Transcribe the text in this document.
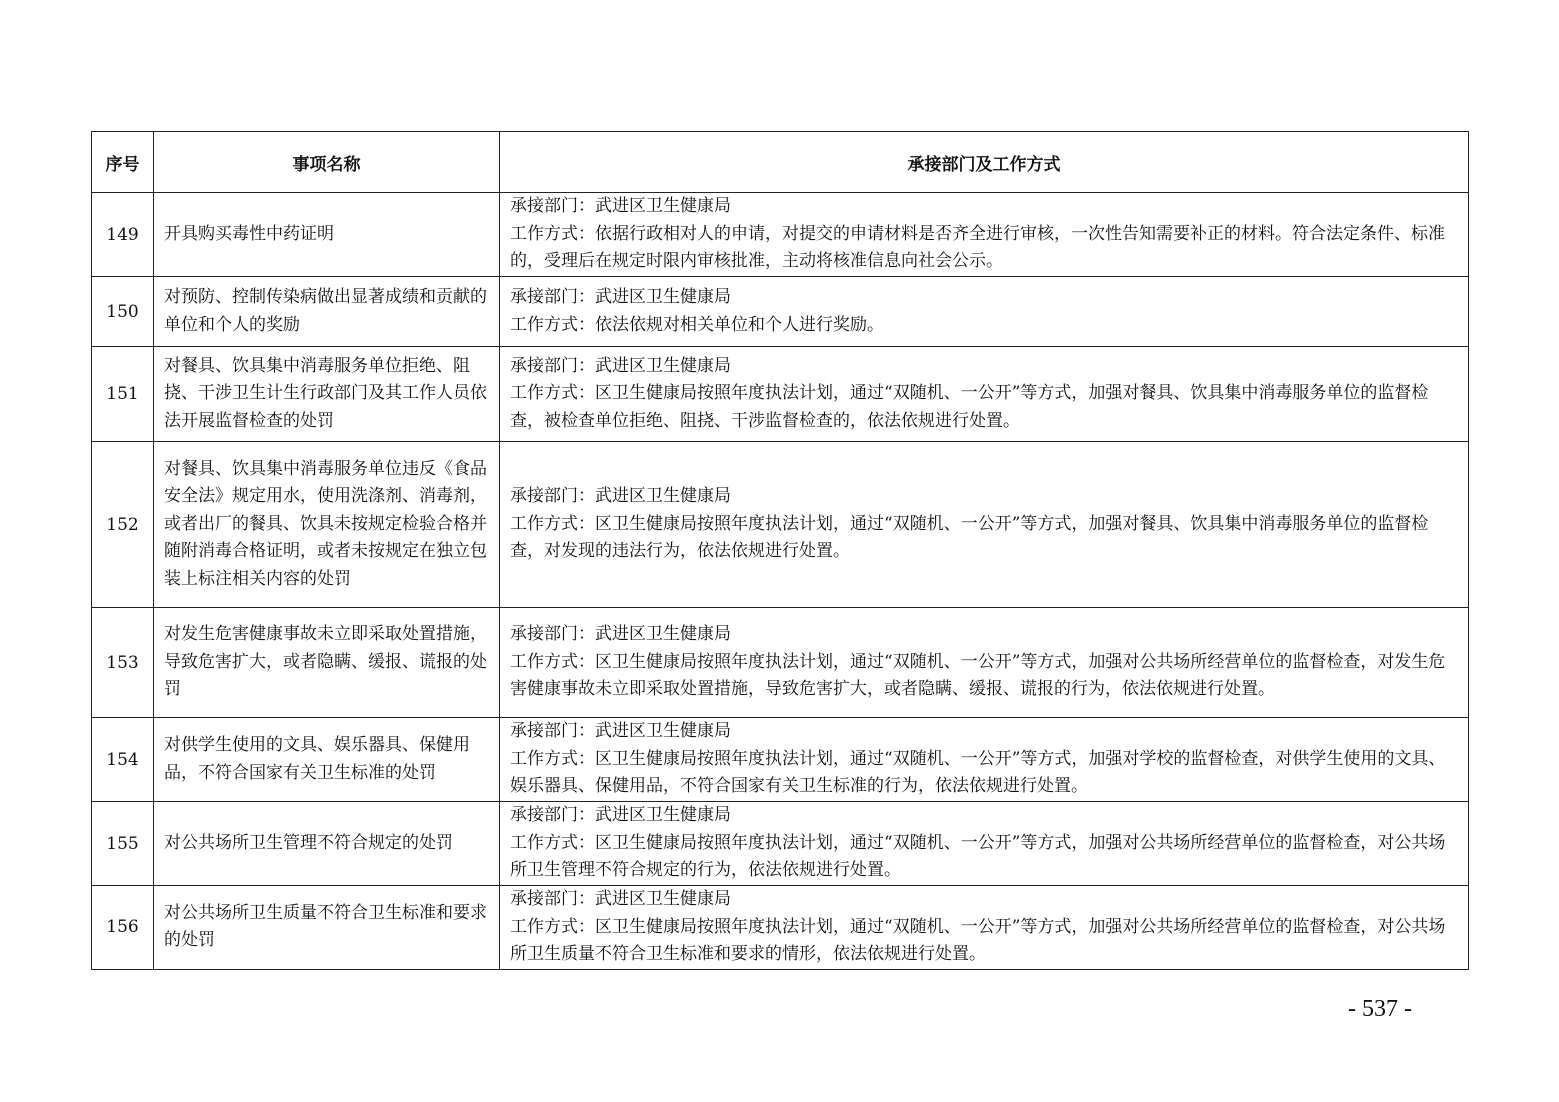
序号	事项名称	承接部门及工作方式
149	开具购买毒性中药证明	承接部门：武进区卫生健康局
工作方式：依据行政相对人的申请，对提交的申请材料是否齐全进行审核，一次性告知需要补正的材料。符合法定条件、标准的，受理后在规定时限内审核批准，主动将核准信息向社会公示。

150	对预防、控制传染病做出显著成绩和贡献的单位和个人的奖励	承接部门：武进区卫生健康局
工作方式：依法依规对相关单位和个人进行奖励。

151	对餐具、饮具集中消毒服务单位拒绝、阻挠、干涉卫生计生行政部门及其工作人员依法开展监督检查的处罚	承接部门：武进区卫生健康局
工作方式：区卫生健康局按照年度执法计划，通过“双随机、一公开”等方式，加强对餐具、饮具集中消毒服务单位的监督检查，被检查单位拒绝、阻挠、干涉监督检查的，依法依规进行处置。

152	对餐具、饮具集中消毒服务单位违反《食品安全法》规定用水，使用洗涤剂、消毒剂，或者出厂的餐具、饮具未按规定检验合格并随附消毒合格证明，或者未按规定在独立包装上标注相关内容的处罚	承接部门：武进区卫生健康局
工作方式：区卫生健康局按照年度执法计划，通过“双随机、一公开”等方式，加强对餐具、饮具集中消毒服务单位的监督检查，对发现的违法行为，依法依规进行处置。

153	对发生危害健康事故未立即采取处置措施，导致危害扩大，或者隐瞒、缓报、谎报的处罚	承接部门：武进区卫生健康局
工作方式：区卫生健康局按照年度执法计划，通过“双随机、一公开”等方式，加强对公共场所经营单位的监督检查，对发生危害健康事故未立即采取处置措施，导致危害扩大，或者隐瞒、缓报、谎报的行为，依法依规进行处置。

154	对供学生使用的文具、娱乐器具、保健用品，不符合国家有关卫生标准的处罚	承接部门：武进区卫生健康局
工作方式：区卫生健康局按照年度执法计划，通过“双随机、一公开”等方式，加强对学校的监督检查，对供学生使用的文具、娱乐器具、保健用品，不符合国家有关卫生标准的行为，依法依规进行处置。

155	对公共场所卫生管理不符合规定的处罚	承接部门：武进区卫生健康局
工作方式：区卫生健康局按照年度执法计划，通过“双随机、一公开”等方式，加强对公共场所经营单位的监督检查，对公共场所卫生管理不符合规定的行为，依法依规进行处置。

156	对公共场所卫生质量不符合卫生标准和要求的处罚	承接部门：武进区卫生健康局
工作方式：区卫生健康局按照年度执法计划，通过“双随机、一公开”等方式，加强对公共场所经营单位的监督检查，对公共场所卫生质量不符合卫生标准和要求的情形，依法依规进行处置。
- 537 -
